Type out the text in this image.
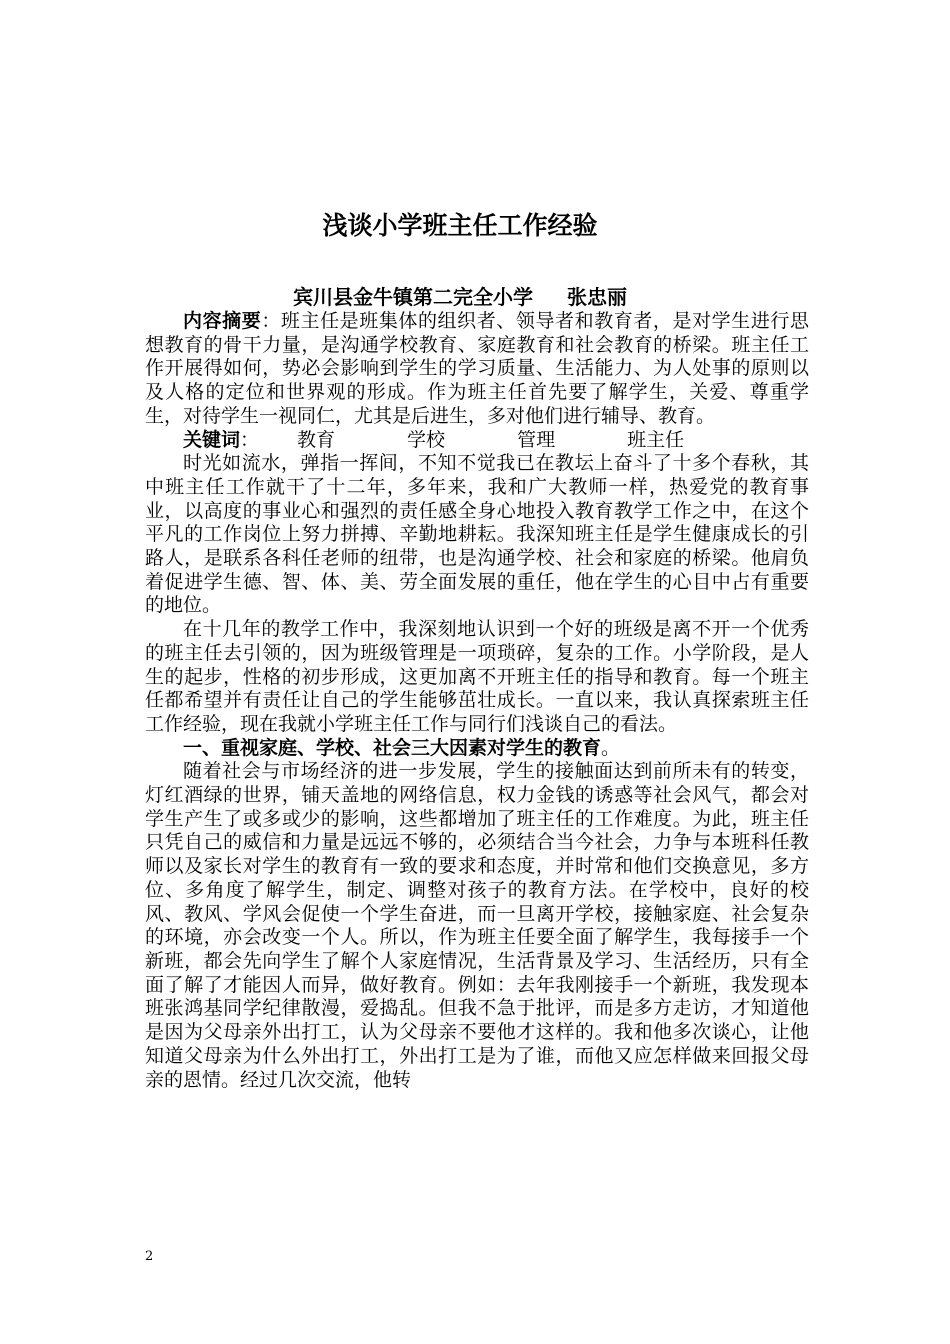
浅谈小学班主任工作经验
宾川县金牛镇第二完全小学 张忠丽

内容摘要：班主任是班集体的组织者、领导者和教育者，是对学生进行思想教育的骨干力量，是沟通学校教育、家庭教育和社会教育的桥梁。班主任工作开展得如何，势必会影响到学生的学习质量、生活能力、为人处事的原则以及人格的定位和世界观的形成。作为班主任首先要了解学生，关爱、尊重学生，对待学生一视同仁，尤其是后进生，多对他们进行辅导、教育。

关键词： 教育	学校	管理	班主任

时光如流水，弹指一挥间，不知不觉我已在教坛上奋斗了十多个春秋，其中班主任工作就干了十二年，多年来，我和广大教师一样，热爱党的教育事业，以高度的事业心和强烈的责任感全身心地投入教育教学工作之中，在这个平凡的工作岗位上努力拼搏、辛勤地耕耘。我深知班主任是学生健康成长的引路人，是联系各科任老师的纽带，也是沟通学校、社会和家庭的桥梁。他肩负着促进学生德、智、体、美、劳全面发展的重任，他在学生的心目中占有重要的地位。

在十几年的教学工作中，我深刻地认识到一个好的班级是离不开一个优秀的班主任去引领的，因为班级管理是一项琐碎，复杂的工作。小学阶段，是人生的起步，性格的初步形成，这更加离不开班主任的指导和教育。每一个班主任都希望并有责任让自己的学生能够茁壮成长。一直以来，我认真探索班主任工作经验，现在我就小学班主任工作与同行们浅谈自己的看法。

一、重视家庭、学校、社会三大因素对学生的教育。

随着社会与市场经济的进一步发展，学生的接触面达到前所未有的转变，灯红酒绿的世界，铺天盖地的网络信息，权力金钱的诱惑等社会风气，都会对学生产生了或多或少的影响，这些都增加了班主任的工作难度。为此，班主任只凭自己的威信和力量是远远不够的，必须结合当今社会，力争与本班科任教师以及家长对学生的教育有一致的要求和态度，并时常和他们交换意见，多方位、多角度了解学生，制定、调整对孩子的教育方法。在学校中，良好的校风、教风、学风会促使一个学生奋进，而一旦离开学校，接触家庭、社会复杂的环境，亦会改变一个人。所以，作为班主任要全面了解学生，我每接手一个新班，都会先向学生了解个人家庭情况，生活背景及学习、生活经历，只有全面了解了才能因人而异，做好教育。例如：去年我刚接手一个新班，我发现本班张鸿基同学纪律散漫，爱捣乱。但我不急于批评，而是多方走访，才知道他是因为父母亲外出打工，认为父母亲不要他才这样的。我和他多次谈心，让他知道父母亲为什么外出打工，外出打工是为了谁，而他又应怎样做来回报父母亲的恩情。经过几次交流，他转

2
